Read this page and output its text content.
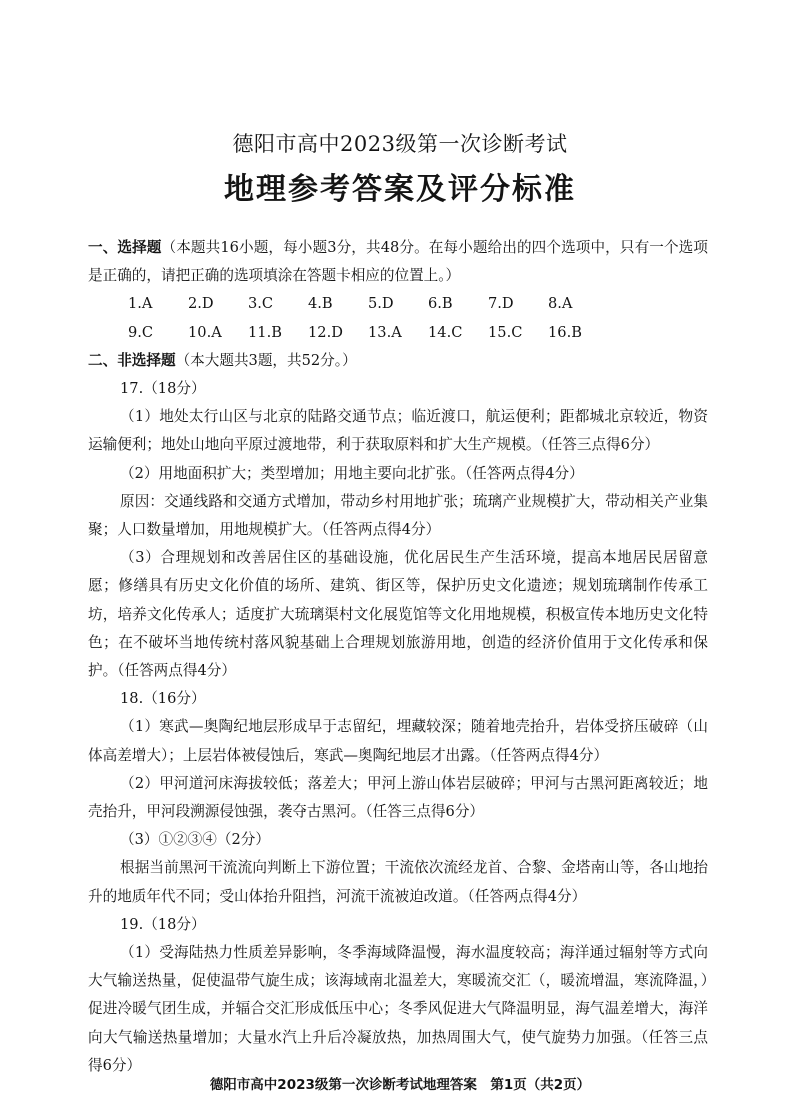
德阳市高中2023级第一次诊断考试
地理参考答案及评分标准

一、选择题（本题共16小题，每小题3分，共48分。在每小题给出的四个选项中，只有一个选项是正确的，请把正确的选项填涂在答题卡相应的位置上。）

1.A	2.D	3.C	4.B	5.D	6.B	7.D	8.A
9.C	10.A	11.B	12.D	13.A	14.C	15.C	16.B

二、非选择题（本大题共3题，共52分。）

17.（18分）

（1）地处太行山区与北京的陆路交通节点；临近渡口，航运便利；距都城北京较近，物资运输便利；地处山地向平原过渡地带，利于获取原料和扩大生产规模。（任答三点得6分）

（2）用地面积扩大；类型增加；用地主要向北扩张。（任答两点得4分）

原因：交通线路和交通方式增加，带动乡村用地扩张；琉璃产业规模扩大，带动相关产业集聚；人口数量增加，用地规模扩大。（任答两点得4分）

（3）合理规划和改善居住区的基础设施，优化居民生产生活环境，提高本地居民居留意愿；修缮具有历史文化价值的场所、建筑、街区等，保护历史文化遗迹；规划琉璃制作传承工坊，培养文化传承人；适度扩大琉璃渠村文化展览馆等文化用地规模，积极宣传本地历史文化特色；在不破坏当地传统村落风貌基础上合理规划旅游用地，创造的经济价值用于文化传承和保护。（任答两点得4分）

18.（16分）

（1）寒武—奥陶纪地层形成早于志留纪，埋藏较深；随着地壳抬升，岩体受挤压破碎（山体高差增大）；上层岩体被侵蚀后，寒武—奥陶纪地层才出露。（任答两点得4分）

（2）甲河道河床海拔较低；落差大；甲河上游山体岩层破碎；甲河与古黑河距离较近；地壳抬升，甲河段溯源侵蚀强，袭夺古黑河。（任答三点得6分）

（3）①②③④（2分）

根据当前黑河干流流向判断上下游位置；干流依次流经龙首、合黎、金塔南山等，各山地抬升的地质年代不同；受山体抬升阻挡，河流干流被迫改道。（任答两点得4分）

19.（18分）

（1）受海陆热力性质差异影响，冬季海域降温慢，海水温度较高；海洋通过辐射等方式向大气输送热量，促使温带气旋生成；该海域南北温差大，寒暖流交汇（，暖流增温，寒流降温，）促进冷暖气团生成，并辐合交汇形成低压中心；冬季风促进大气降温明显，海气温差增大，海洋向大气输送热量增加；大量水汽上升后冷凝放热，加热周围大气，使气旋势力加强。（任答三点得6分）

德阳市高中2023级第一次诊断考试地理答案　第1页（共2页）
